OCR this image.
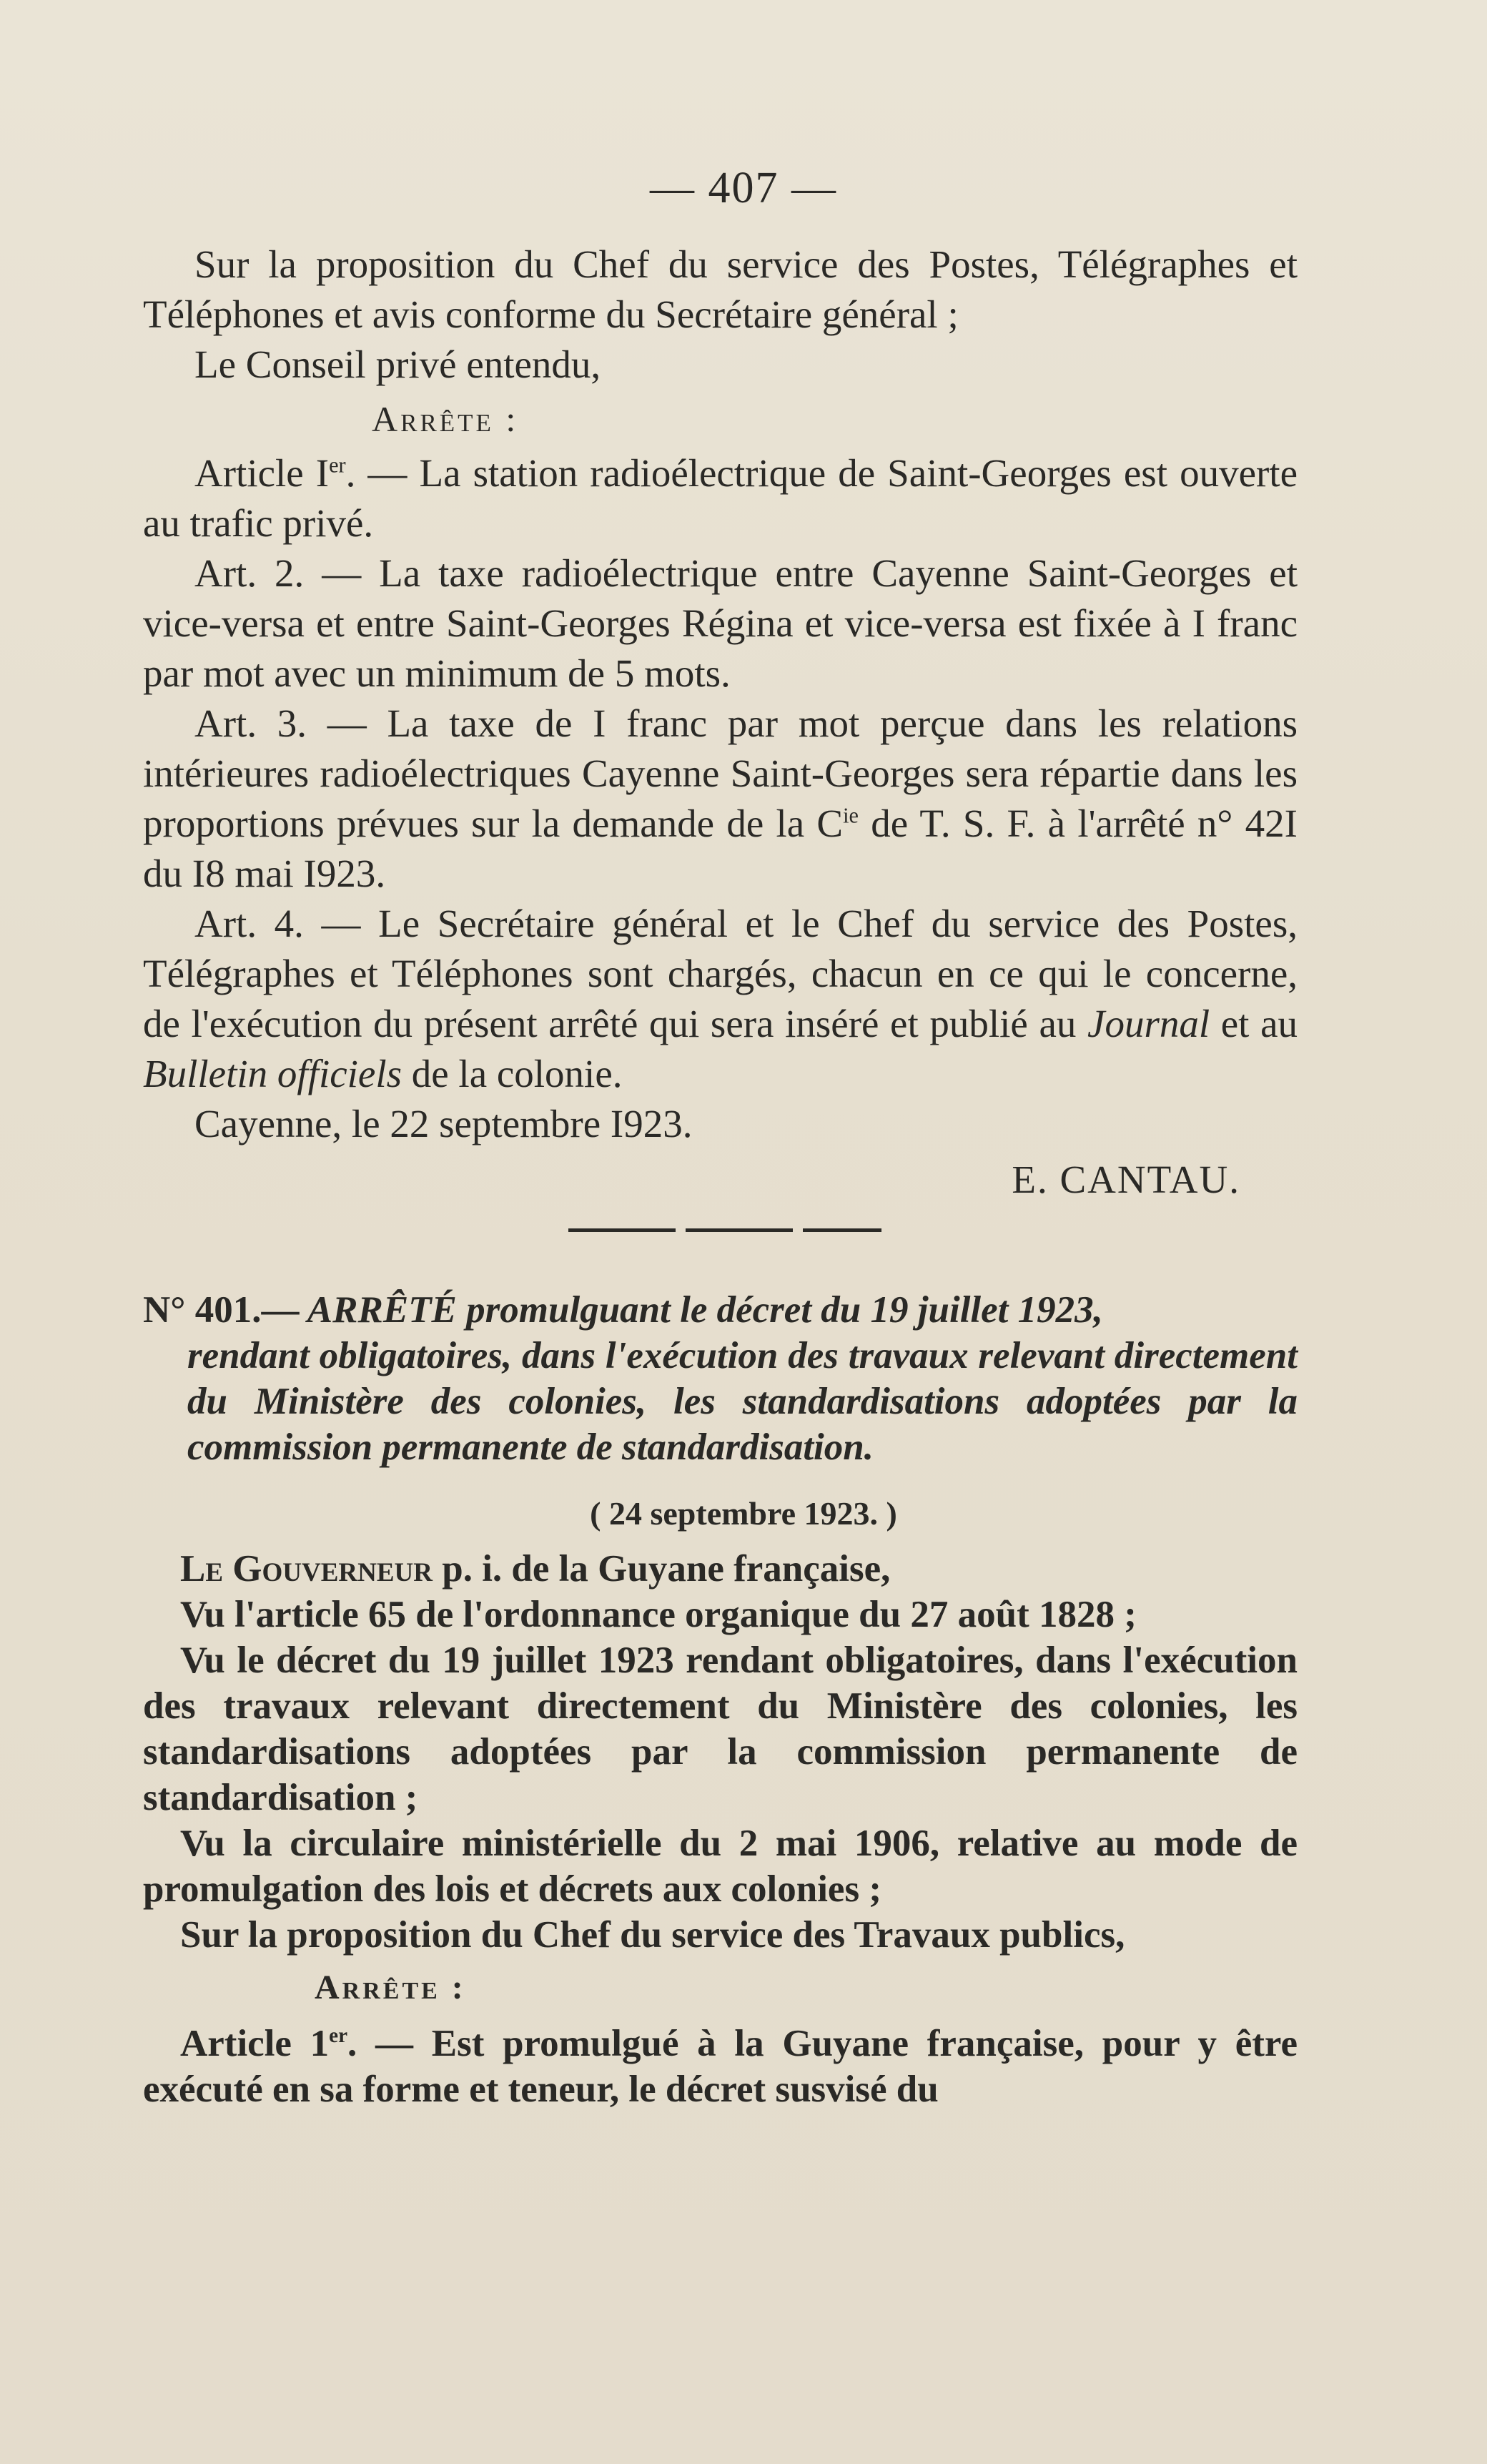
— 407 —

Sur la proposition du Chef du service des Postes, Télégraphes et Téléphones et avis conforme du Secrétaire général ;

Le Conseil privé entendu,

Arrête :

Article Ier. — La station radioélectrique de Saint-Georges est ouverte au trafic privé.

Art. 2. — La taxe radioélectrique entre Cayenne Saint-Georges et vice-versa et entre Saint-Georges Régina et vice-versa est fixée à I franc par mot avec un minimum de 5 mots.

Art. 3. — La taxe de I franc par mot perçue dans les relations intérieures radioélectriques Cayenne Saint-Georges sera répartie dans les proportions prévues sur la demande de la $C^{ie}$ de T. S. F. à l'arrêté n° 42I du I8 mai I923.

Art. 4. — Le Secrétaire général et le Chef du service des Postes, Télégraphes et Téléphones sont chargés, chacun en ce qui le concerne, de l'exécution du présent arrêté qui sera inséré et publié au Journal et au Bulletin officiels de la colonie.

Cayenne, le 22 septembre I923.

E. CANTAU.

N° 401.— ARRÊTÉ promulguant le décret du 19 juillet 1923,
rendant obligatoires, dans l'exécution des travaux relevant directement du Ministère des colonies, les standardisations adoptées par la commission permanente de standardisation.
( 24 septembre 1923. )

Le Gouverneur p. i. de la Guyane française,

Vu l'article 65 de l'ordonnance organique du 27 août 1828 ;

Vu le décret du 19 juillet 1923 rendant obligatoires, dans l'exécution des travaux relevant directement du Ministère des colonies, les standardisations adoptées par la commission permanente de standardisation ;

Vu la circulaire ministérielle du 2 mai 1906, relative au mode de promulgation des lois et décrets aux colonies ;

Sur la proposition du Chef du service des Travaux publics,

Arrête :

Article 1er. — Est promulgué à la Guyane française, pour y être exécuté en sa forme et teneur, le décret susvisé du
